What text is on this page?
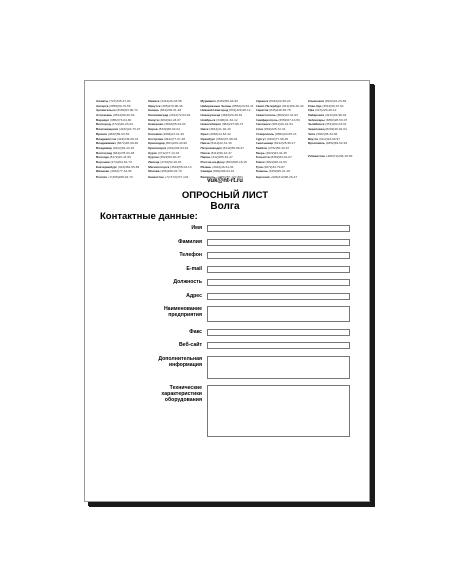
Алматы (727)345-47-04
Ангарск (3955)60-70-56
Архангельск (8182)63-90-72
Астрахань (8512)99-46-04
Барнаул (3852)73-04-60
Белгород (4722)40-23-64
Благовещенск (4162)22-76-07
Брянск (4832)59-03-52
Владивосток (423)249-28-31
Владикавказ (8672)28-90-48
Владимир (4922)49-43-18
Волгоград (844)278-03-48
Вологда (8172)26-41-59
Воронеж (473)204-51-73
Екатеринбург (343)384-55-89
Иваново (4932)77-34-06
Россия +7(495)268-04-70
Ижевск (3412)26-03-58
Иркутск (395)279-98-46
Казань (843)206-01-48
Калининград (4012)72-03-81
Калуга (4842)92-23-67
Кемерово (3842)65-04-62
Киров (8332)68-02-04
Коломна (4966)23-41-49
Кострома (4942)77-07-48
Краснодар (861)203-40-90
Красноярск (391)204-63-61
Курск (4712)77-13-04
Курган (3522)50-90-47
Липецк (4742)52-20-81
Магнитогорск (3519)55-03-13
Москва (495)268-04-70
Казахстан +7(7172)727-132
Мурманск (8152)59-64-93
Набережные Челны (8552)20-53-41
Нижний Новгород (831)429-08-12
Новокузнецк (3843)20-46-81
Ноябрьск (3496)41-32-12
Новосибирск (383)227-86-73
Омск (3812)21-46-40
Орел (4862)44-53-42
Оренбург (3532)37-68-04
Пенза (8412)22-31-16
Петрозаводск (8142)55-98-37
Псков (8112)59-10-37
Пермь (342)205-81-47
Ростов-на-Дону (863)308-18-15
Рязань (4912)46-61-64
Самара (846)206-03-16
Беларусь +(375)257-127-884
Саранск (8342)22-96-24
Санкт-Петербург (812)309-46-40
Саратов (845)249-38-78
Севастополь (8692)22-31-93
Симферополь (3652)67-13-56
Смоленск (4812)29-41-54
Сочи (862)225-72-31
Ставрополь (8652)20-65-13
Сургут (3462)77-98-35
Сыктывкар (8212)25-95-17
Тамбов (4752)50-40-97
Тверь (4822)63-31-35
Тольятти (8482)63-91-07
Томск (3822)98-41-53
Тула (4872)33-79-87
Тюмень (3452)66-21-18
Киргизия +996(312)96-26-47
Ульяновск (8422)24-23-59
Улан-Удэ (3012)59-97-51
Уфа (347)229-48-12
Хабаровск (4212)92-98-04
Чебоксары (8352)28-53-07
Челябинск (351)202-03-61
Череповец (8202)49-02-64
Чита (3022)38-34-83
Якутск (4112)23-90-97
Ярославль (4852)69-52-93
Узбекистан +998(71)205-18-59
vuk@nt-rt.ru
ОПРОСНЫЙ ЛИСТ
Волга
Контактные данные:
Имя
Фамилия
Телефон
E-mail
Должность
Адрес
Наименование предприятия
Факс
Веб-сайт
Дополнительная информация
Технические характеристики оборудования
